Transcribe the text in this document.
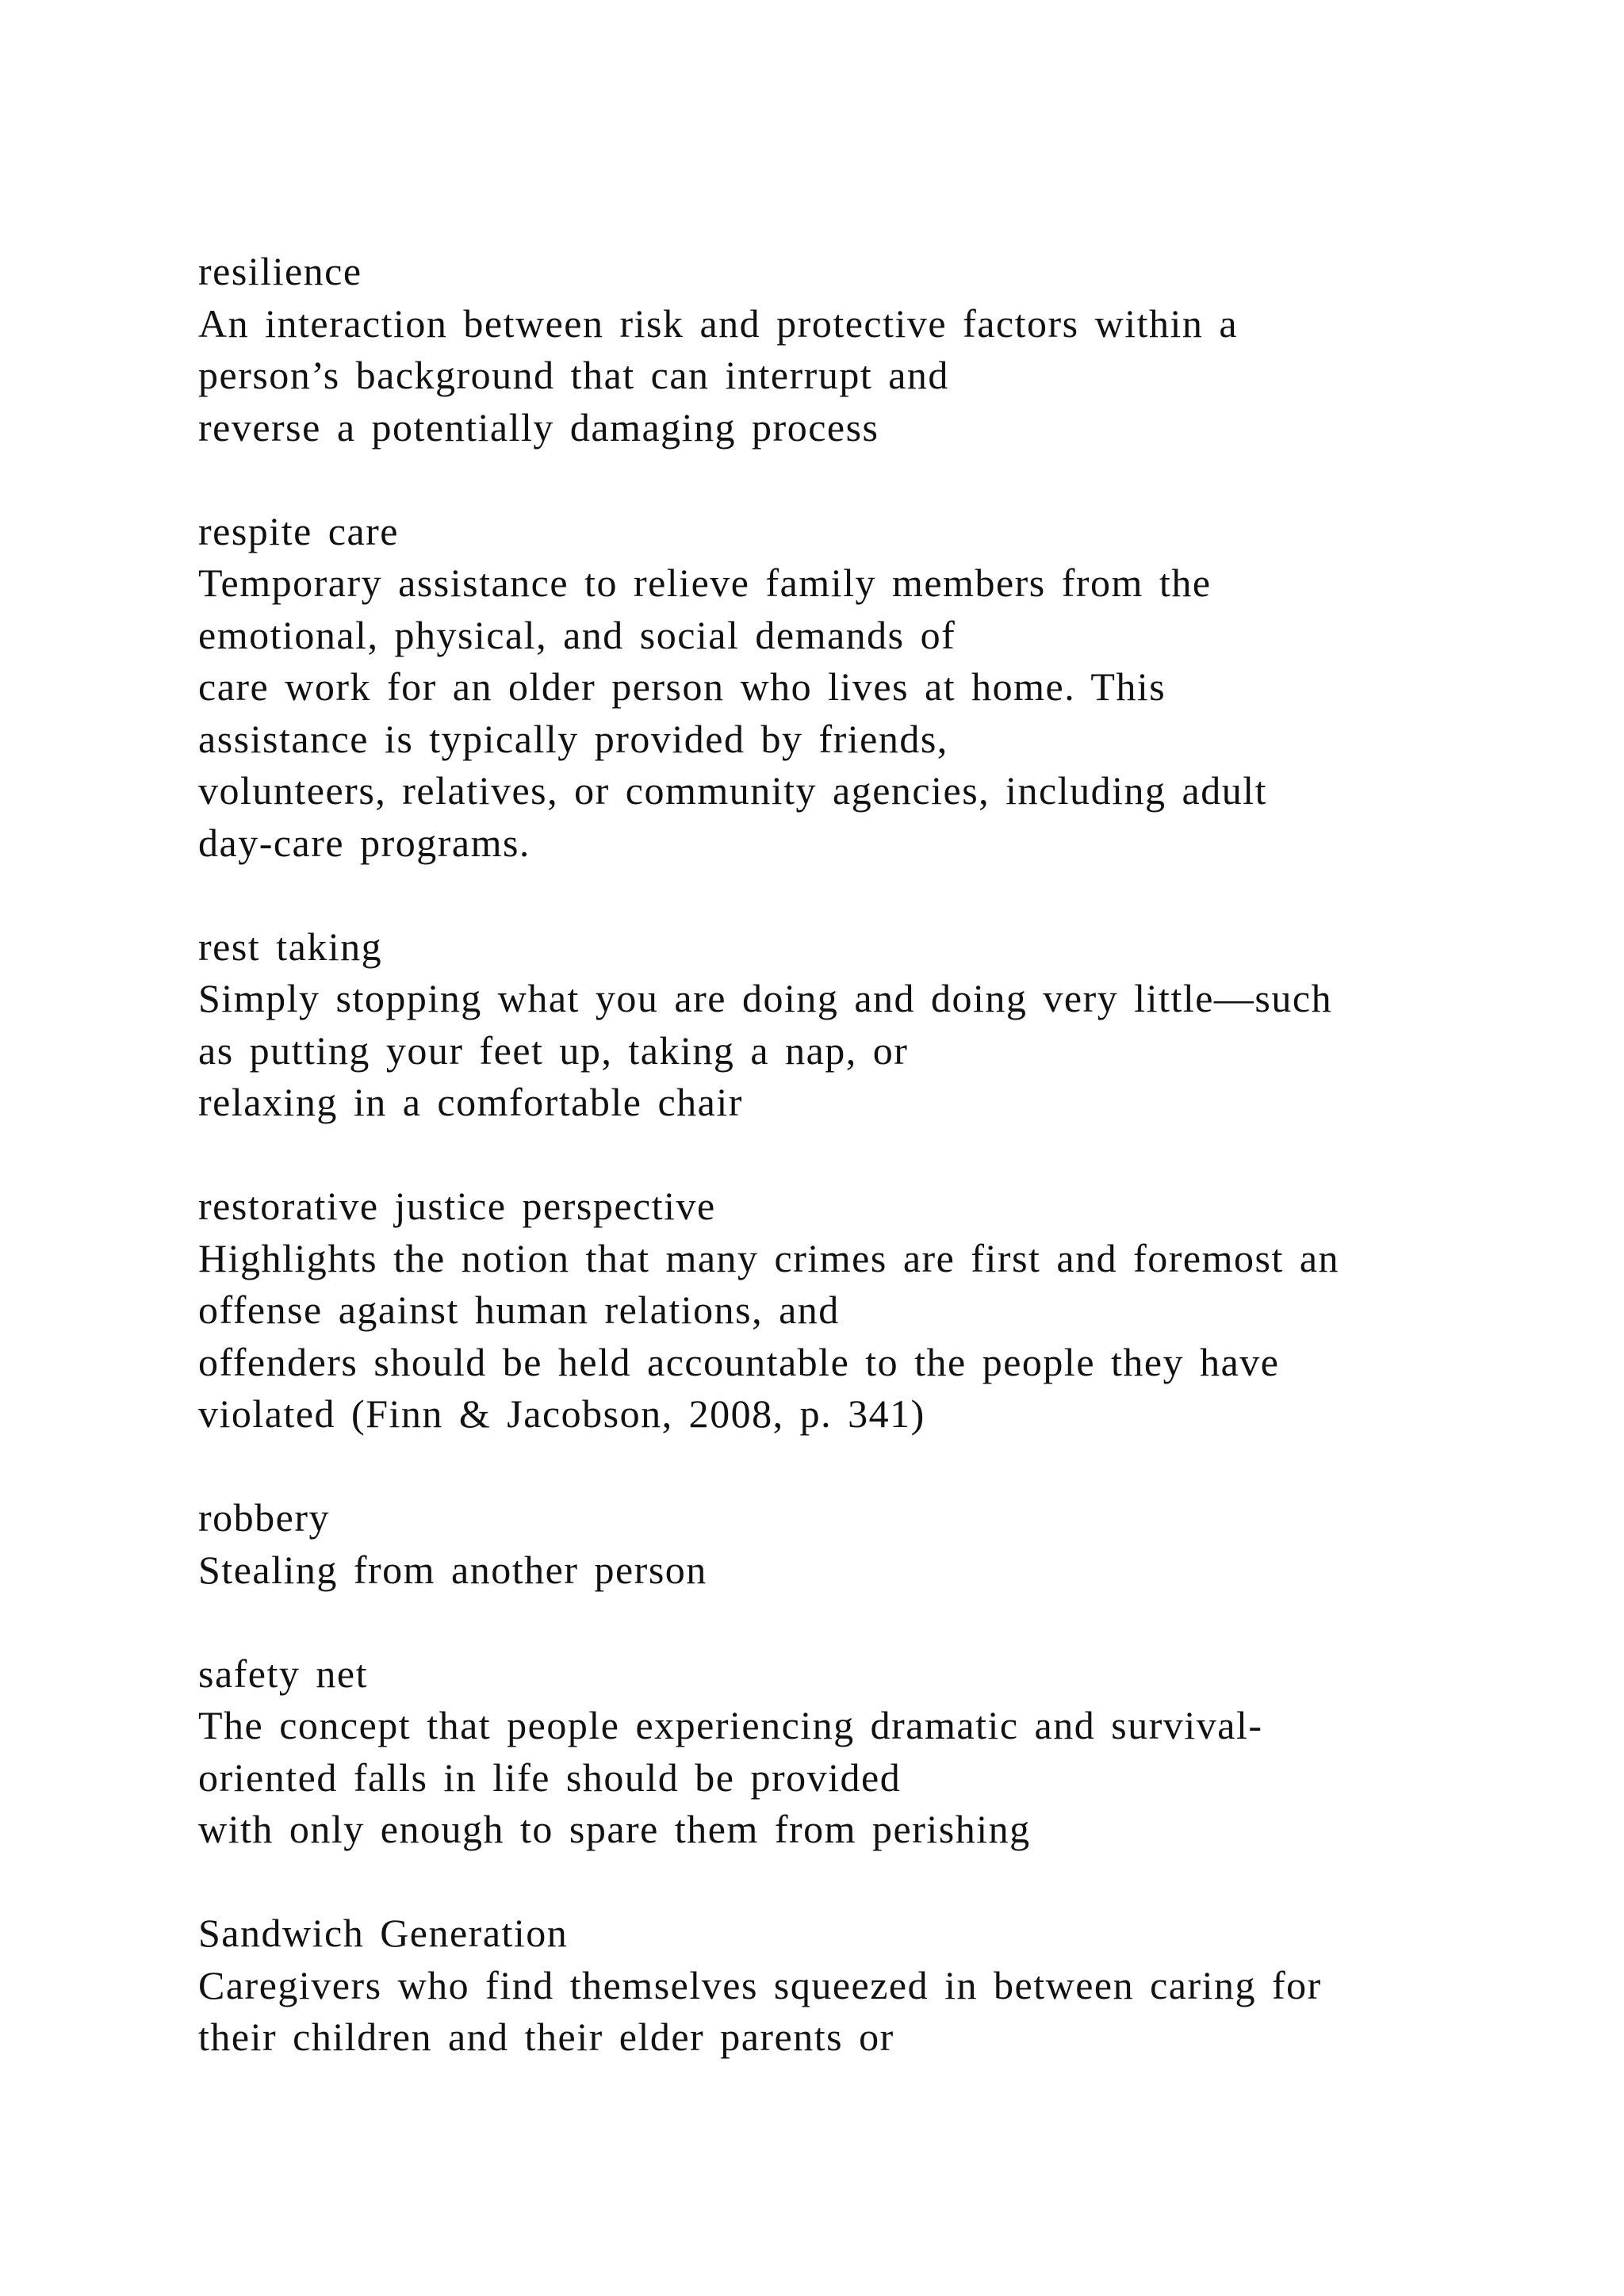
resilience
An interaction between risk and protective factors within a
person’s background that can interrupt and
reverse a potentially damaging process
respite care
Temporary assistance to relieve family members from the
emotional, physical, and social demands of
care work for an older person who lives at home. This
assistance is typically provided by friends,
volunteers, relatives, or community agencies, including adult
day-care programs.
rest taking
Simply stopping what you are doing and doing very little—such
as putting your feet up, taking a nap, or
relaxing in a comfortable chair
restorative justice perspective
Highlights the notion that many crimes are first and foremost an
offense against human relations, and
offenders should be held accountable to the people they have
violated (Finn & Jacobson, 2008, p. 341)
robbery
Stealing from another person
safety net
The concept that people experiencing dramatic and survival-
oriented falls in life should be provided
with only enough to spare them from perishing
Sandwich Generation
Caregivers who find themselves squeezed in between caring for
their children and their elder parents or
